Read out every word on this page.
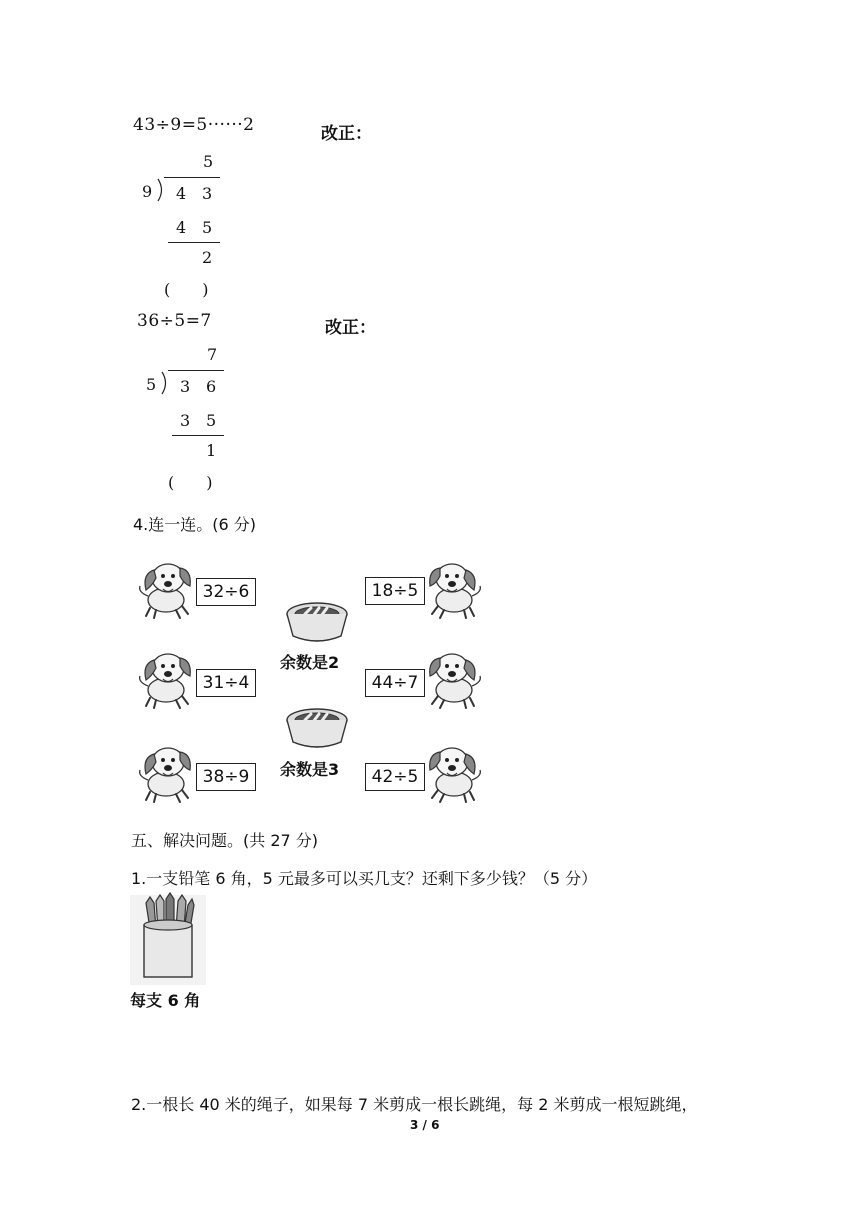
43÷9=5······2	改正：
5
9 4 3
4 5
2
(　　)
36÷5=7	改正：
7
5 3 6
3 5
1
(　　)
4.连一连。(6 分)
32÷6
31÷4
38÷9
余数是2
余数是3
18÷5
44÷7
42÷5
五、解决问题。(共 27 分)
1.一支铅笔 6 角，5 元最多可以买几支？还剩下多少钱？（5 分）
每支 6 角
2.一根长 40 米的绳子，如果每 7 米剪成一根长跳绳，每 2 米剪成一根短跳绳，
3 / 6
